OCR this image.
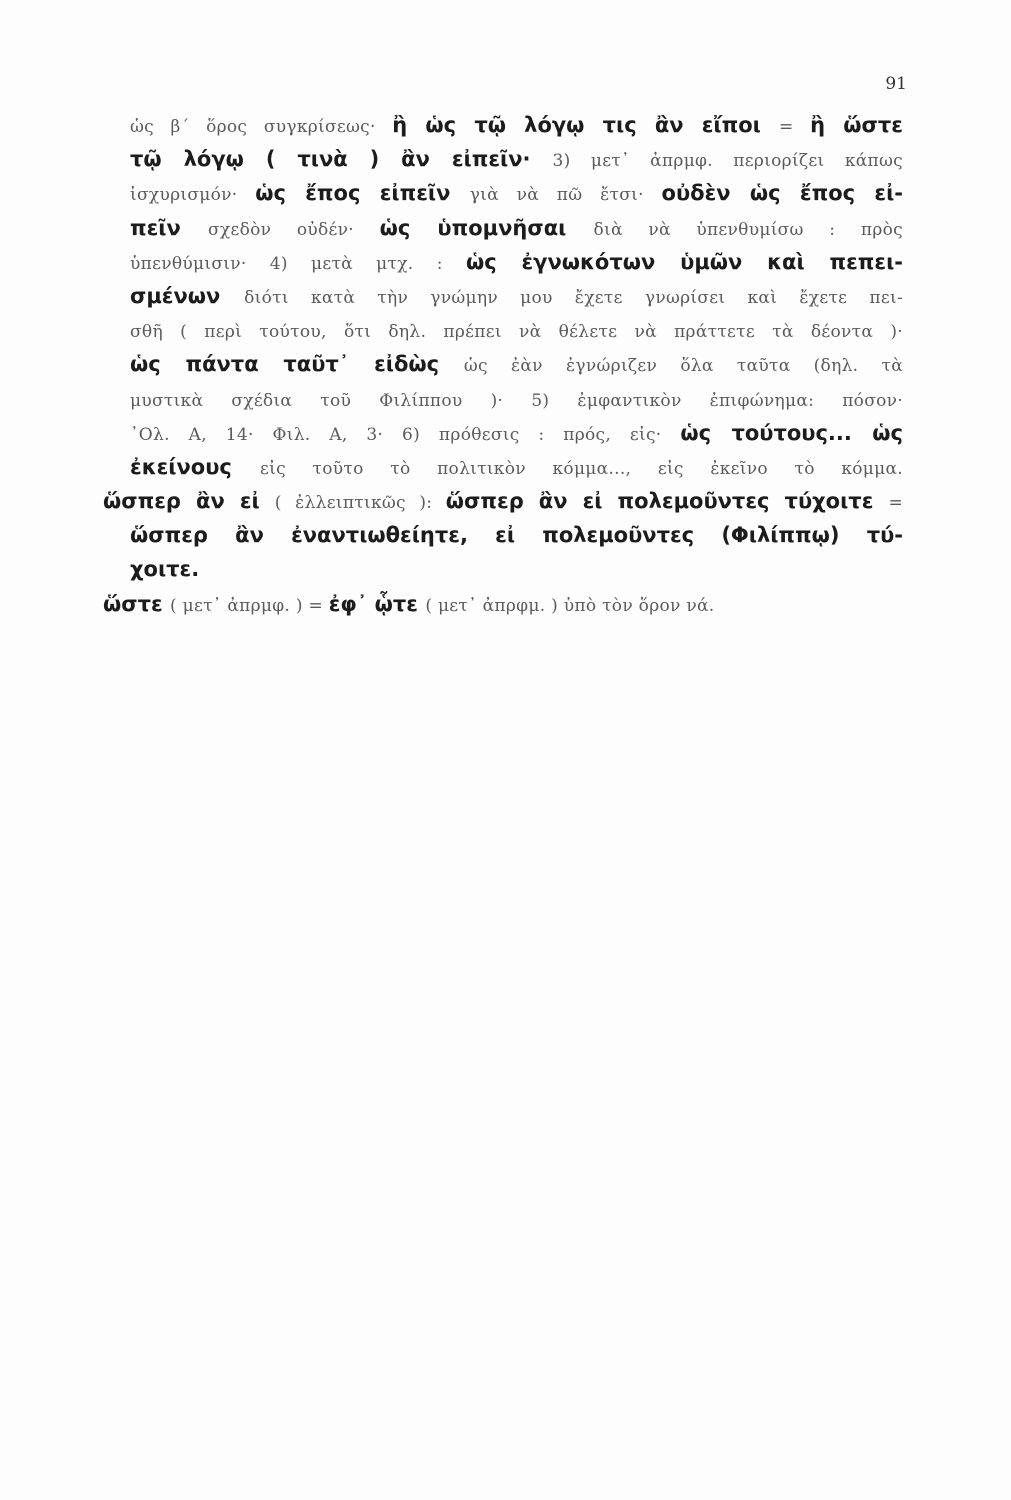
91
ὡς β΄ ὅρος συγκρίσεως· ἢ ὡς τῷ λόγῳ τις ἂν εἴποι = ἢ ὥστε
τῷ λόγῳ ( τινὰ ) ἂν εἰπεῖν· 3) μετ᾽ ἀπρμφ. περιορίζει κάπως
ἰσχυρισμόν· ὡς ἔπος εἰπεῖν γιὰ νὰ πῶ ἔτσι· οὐδὲν ὡς ἔπος εἰ-
πεῖν σχεδὸν οὐδέν· ὡς ὑπομνῆσαι διὰ νὰ ὑπενθυμίσω : πρὸς
ὑπενθύμισιν· 4) μετὰ μτχ. : ὡς ἐγνωκότων ὑμῶν καὶ πεπει-
σμένων διότι κατὰ τὴν γνώμην μου ἔχετε γνωρίσει καὶ ἔχετε πει-
σθῆ ( περὶ τούτου, ὅτι δηλ. πρέπει νὰ θέλετε νὰ πράττετε τὰ δέοντα )·
ὡς πάντα ταῦτ᾽ εἰδὼς ὡς ἐὰν ἐγνώριζεν ὅλα ταῦτα (δηλ. τὰ
μυστικὰ σχέδια τοῦ Φιλίππου )· 5) ἐμφαντικὸν ἐπιφώνημα: πόσον·
᾽Ολ. Α, 14· Φιλ. Α, 3· 6) πρόθεσις : πρός, εἰς· ὡς τούτους... ὡς
ἐκείνους εἰς τοῦτο τὸ πολιτικὸν κόμμα..., εἰς ἐκεῖνο τὸ κόμμα.
ὥσπερ ἂν εἰ ( ἐλλειπτικῶς ): ὥσπερ ἂν εἰ πολεμοῦντες τύχοιτε =
ὥσπερ ἂν ἐναντιωθείητε, εἰ πολεμοῦντες (Φιλίππῳ) τύ-
χοιτε.
ὥστε ( μετ᾽ ἀπρμφ. ) = ἐφ᾽ ᾧτε ( μετ᾽ ἀπρφμ. ) ὑπὸ τὸν ὅρον νά.
